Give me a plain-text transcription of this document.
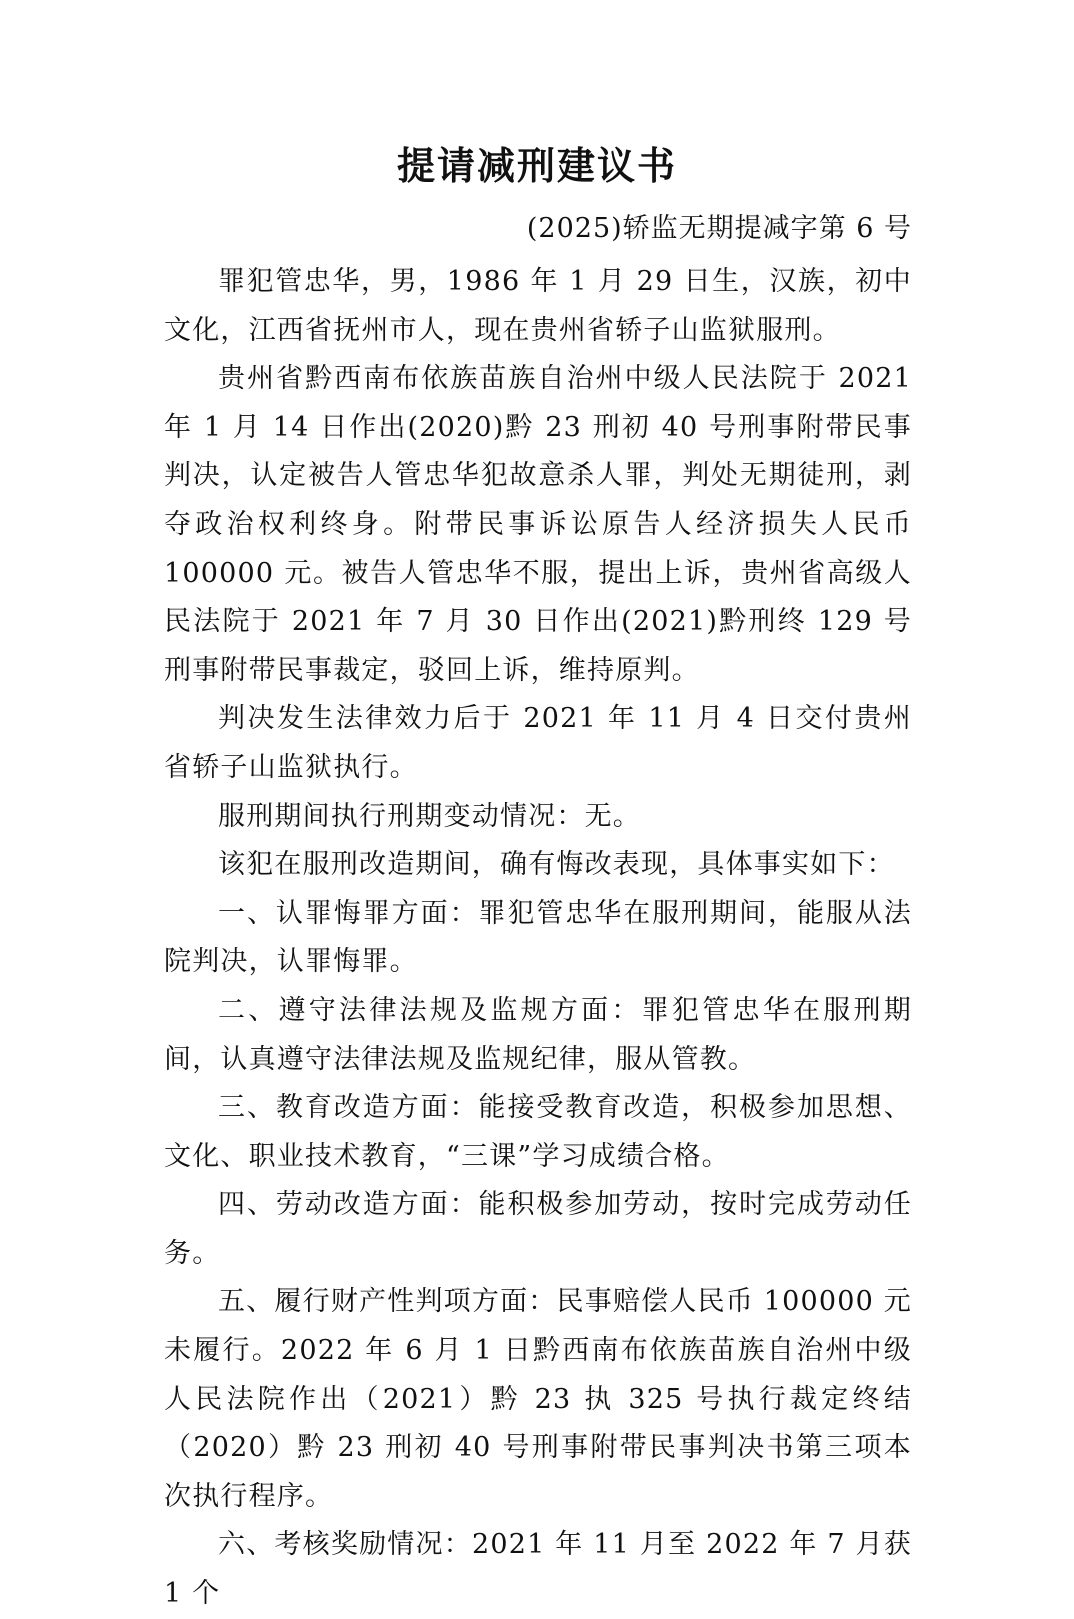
提请减刑建议书
(2025)轿监无期提减字第 6 号

罪犯管忠华，男，1986 年 1 月 29 日生，汉族，初中文化，江西省抚州市人，现在贵州省轿子山监狱服刑。

贵州省黔西南布依族苗族自治州中级人民法院于 2021 年 1 月 14 日作出(2020)黔 23 刑初 40 号刑事附带民事判决，认定被告人管忠华犯故意杀人罪，判处无期徒刑，剥夺政治权利终身。附带民事诉讼原告人经济损失人民币 100000 元。被告人管忠华不服，提出上诉，贵州省高级人民法院于 2021 年 7 月 30 日作出(2021)黔刑终 129 号刑事附带民事裁定，驳回上诉，维持原判。

判决发生法律效力后于 2021 年 11 月 4 日交付贵州省轿子山监狱执行。

服刑期间执行刑期变动情况：无。

该犯在服刑改造期间，确有悔改表现，具体事实如下：

一、认罪悔罪方面：罪犯管忠华在服刑期间，能服从法院判决，认罪悔罪。

二、遵守法律法规及监规方面：罪犯管忠华在服刑期间，认真遵守法律法规及监规纪律，服从管教。

三、教育改造方面：能接受教育改造，积极参加思想、文化、职业技术教育，“三课”学习成绩合格。

四、劳动改造方面：能积极参加劳动，按时完成劳动任务。

五、履行财产性判项方面：民事赔偿人民币 100000 元未履行。2022 年 6 月 1 日黔西南布依族苗族自治州中级人民法院作出（2021）黔 23 执 325 号执行裁定终结（2020）黔 23 刑初 40 号刑事附带民事判决书第三项本次执行程序。

六、考核奖励情况：2021 年 11 月至 2022 年 7 月获 1 个
